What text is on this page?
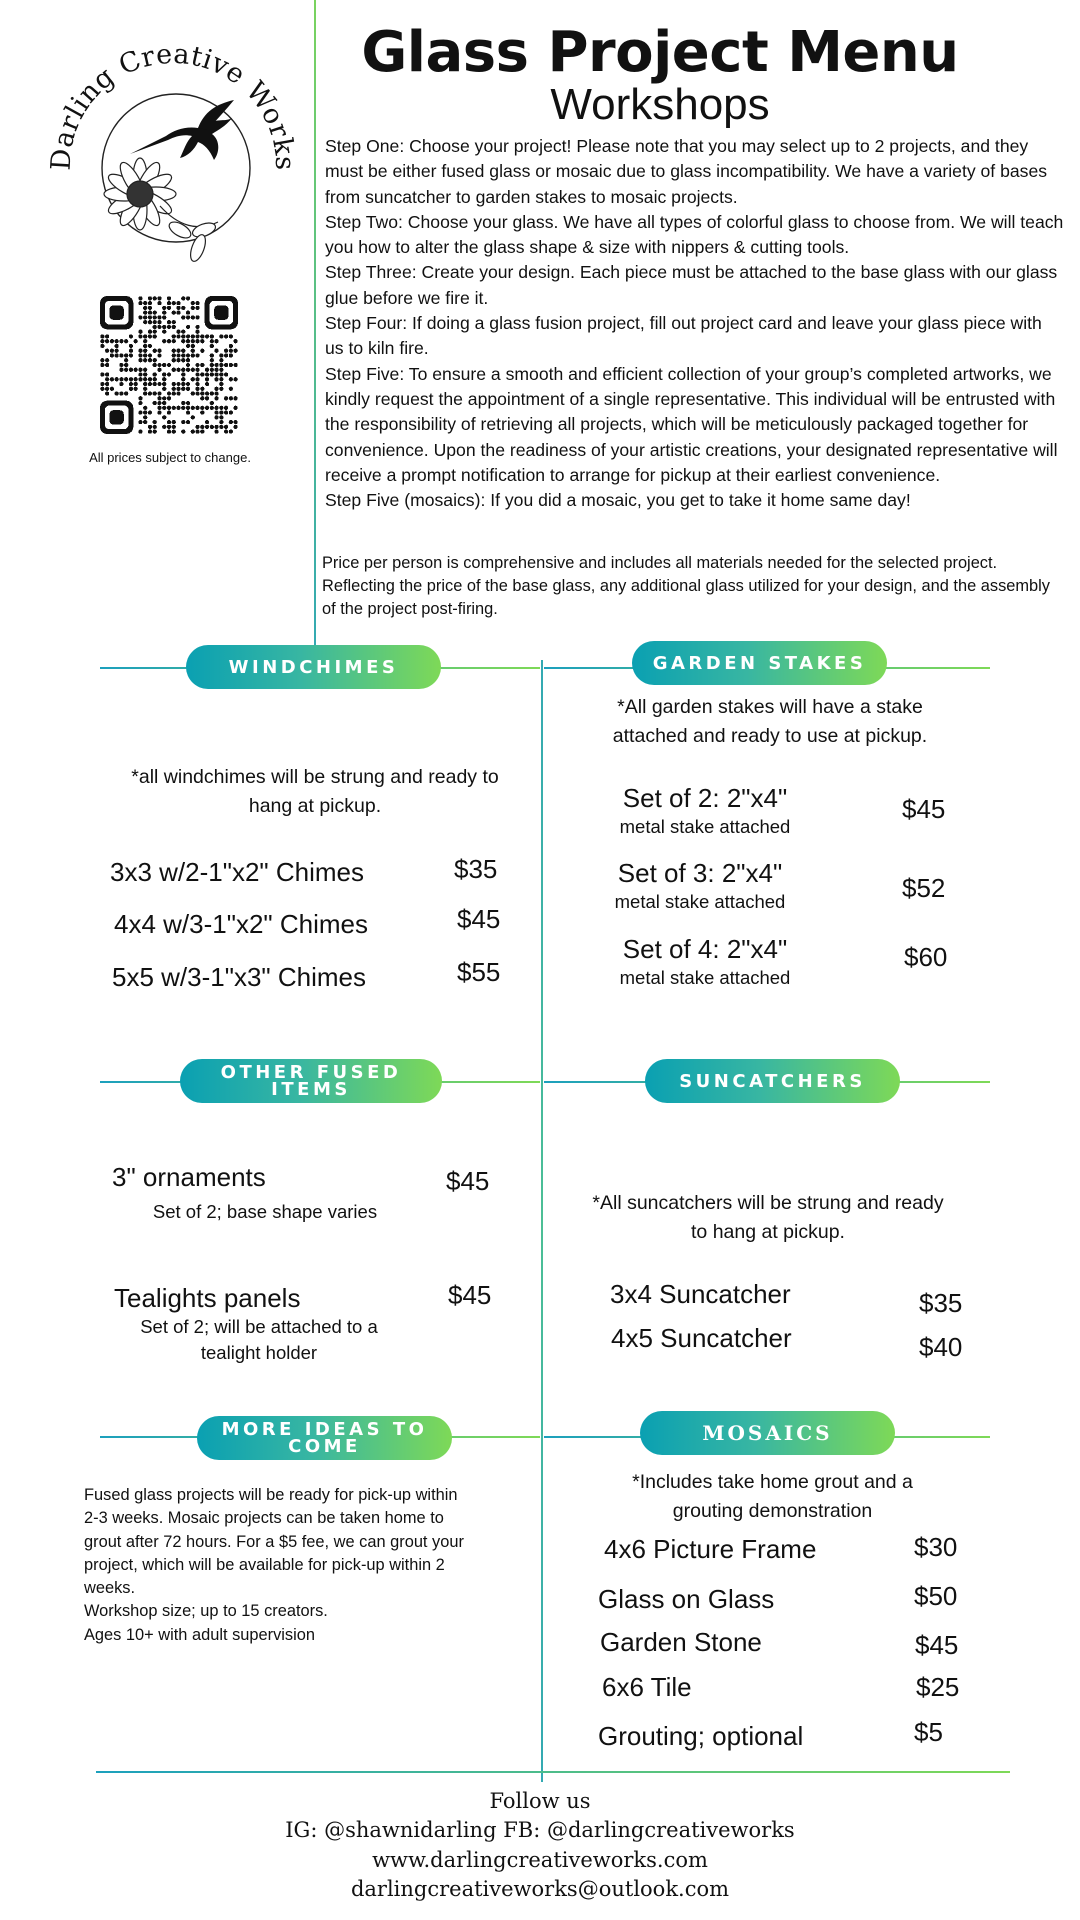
Glass Project Menu
Workshops
Darling Creative Works
All prices subject to change.

Step One: Choose your project! Please note that you may select up to 2 projects, and they must be either fused glass or mosaic due to glass incompatibility. We have a variety of bases from suncatcher to garden stakes to mosaic projects.

Step Two: Choose your glass. We have all types of colorful glass to choose from. We will teach you how to alter the glass shape & size with nippers & cutting tools.

Step Three: Create your design. Each piece must be attached to the base glass with our glass glue before we fire it.

Step Four: If doing a glass fusion project, fill out project card and leave your glass piece with us to kiln fire.

Step Five: To ensure a smooth and efficient collection of your group’s completed artworks, we kindly request the appointment of a single representative. This individual will be entrusted with the responsibility of retrieving all projects, which will be meticulously packaged together for convenience. Upon the readiness of your artistic creations, your designated representative will receive a prompt notification to arrange for pickup at their earliest convenience.

Step Five (mosaics): If you did a mosaic, you get to take it home same day!

Price per person is comprehensive and includes all materials needed for the selected project. Reflecting the price of the base glass, any additional glass utilized for your design, and the assembly of the project post-firing.
WINDCHIMES
*all windchimes will be strung and ready to hang at pickup.
3x3 w/2-1"x2" Chimes	$35
4x4 w/3-1"x2" Chimes	$45
5x5 w/3-1"x3" Chimes	$55
GARDEN STAKES
*All garden stakes will have a stake attached and ready to use at pickup.
Set of 2: 2"x4"
metal stake attached
$45
Set of 3: 2"x4"
metal stake attached	$52
Set of 4: 2"x4"
metal stake attached
$60
OTHER FUSED
ITEMS
3" ornaments	$45
Set of 2; base shape varies
Tealights panels	$45
Set of 2; will be attached to a tealight holder
SUNCATCHERS
*All suncatchers will be strung and ready to hang at pickup.
3x4 Suncatcher	$35
4x5 Suncatcher	$40
MORE IDEAS TO
COME
Fused glass projects will be ready for pick-up within 2-3 weeks. Mosaic projects can be taken home to grout after 72 hours. For a $5 fee, we can grout your project, which will be available for pick-up within 2 weeks.
Workshop size; up to 15 creators.
Ages 10+ with adult supervision
MOSAICS
*Includes take home grout and a grouting demonstration
4x6 Picture Frame	$30
Glass on Glass	$50
Garden Stone	$45
6x6 Tile	$25
Grouting; optional	$5
Follow us
IG: @shawnidarling FB: @darlingcreativeworks
www.darlingcreativeworks.com
darlingcreativeworks@outlook.com
